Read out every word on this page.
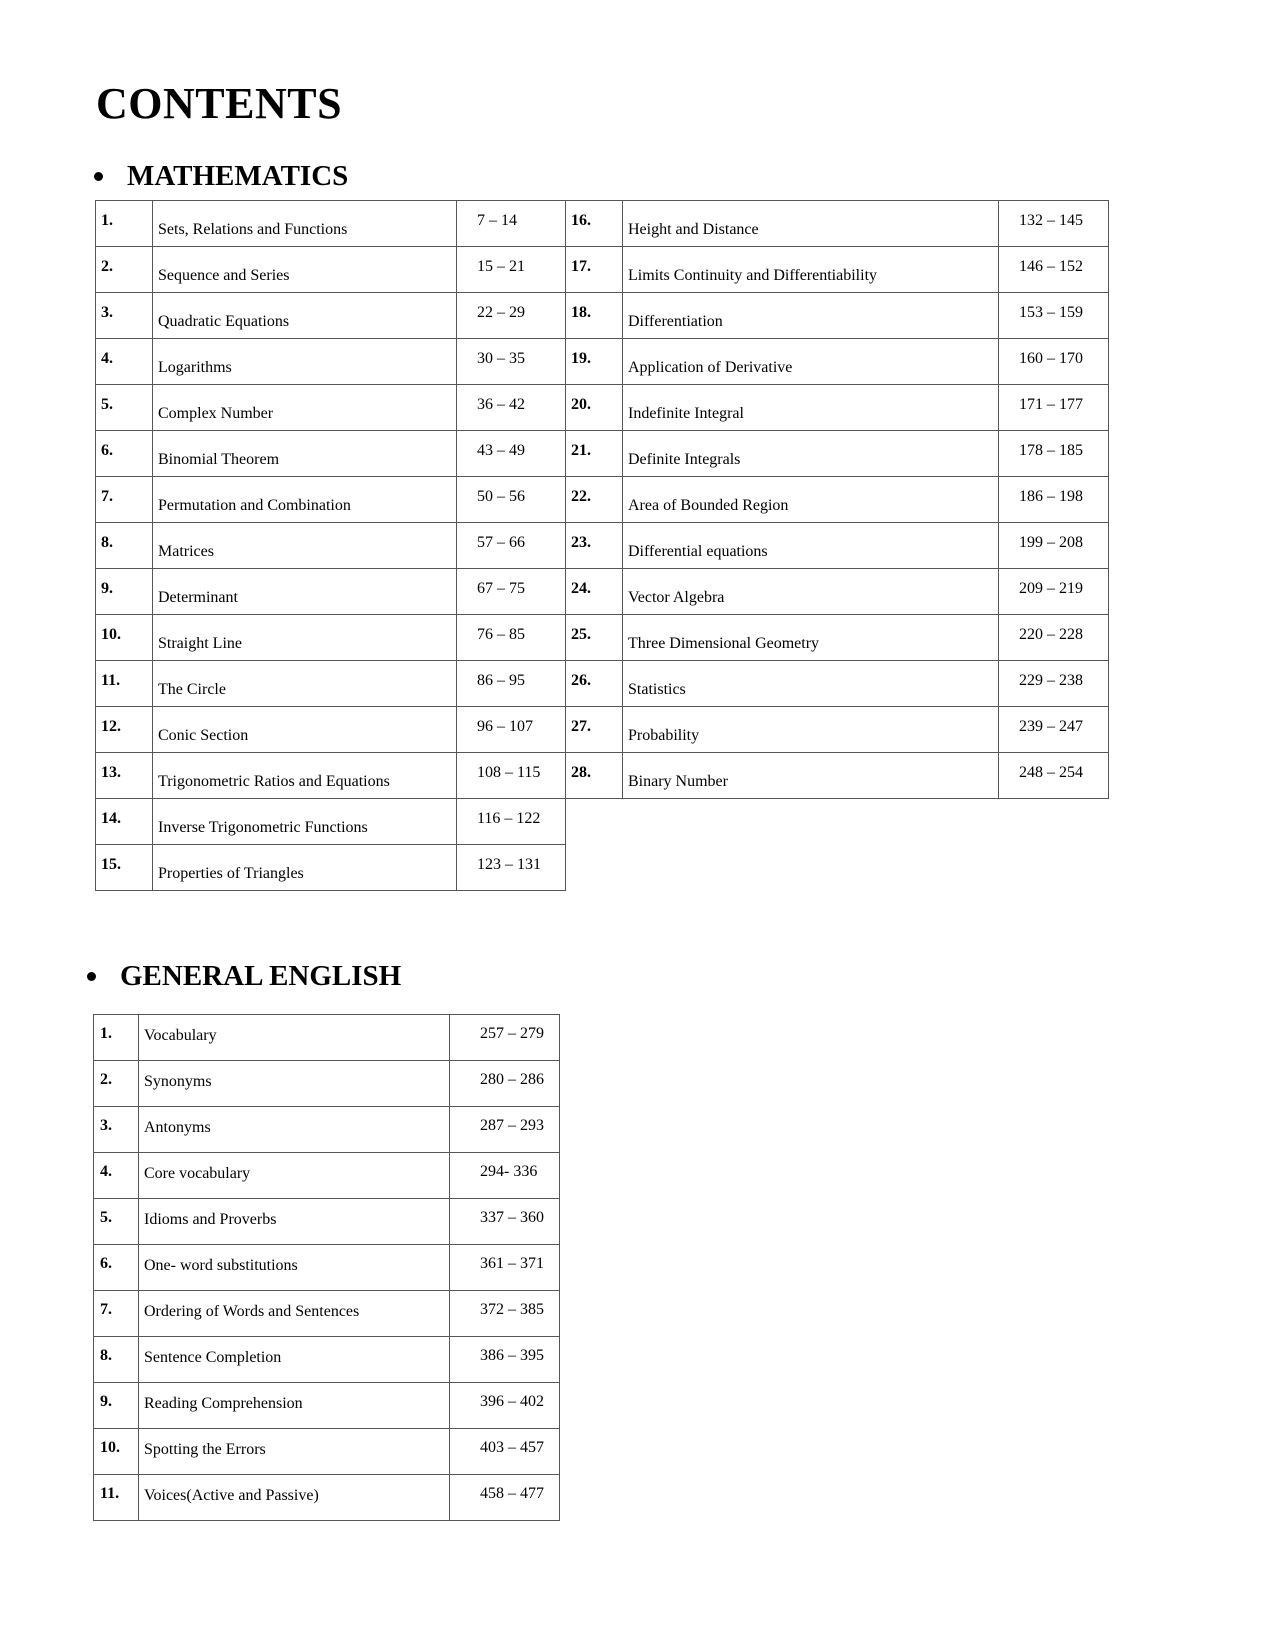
CONTENTS
MATHEMATICS
1.	Sets, Relations and Functions	7 – 14	16.	Height and Distance	132 – 145
2.	Sequence and Series	15 – 21	17.	Limits Continuity and Differentiability	146 – 152
3.	Quadratic Equations	22 – 29	18.	Differentiation	153 – 159
4.	Logarithms	30 – 35	19.	Application of Derivative	160 – 170
5.	Complex Number	36 – 42	20.	Indefinite Integral	171 – 177
6.	Binomial Theorem	43 – 49	21.	Definite Integrals	178 – 185
7.	Permutation and Combination	50 – 56	22.	Area of Bounded Region	186 – 198
8.	Matrices	57 – 66	23.	Differential equations	199 – 208
9.	Determinant	67 – 75	24.	Vector Algebra	209 – 219
10.	Straight Line	76 – 85	25.	Three Dimensional Geometry	220 – 228
11.	The Circle	86 – 95	26.	Statistics	229 – 238
12.	Conic Section	96 – 107	27.	Probability	239 – 247
13.	Trigonometric Ratios and Equations	108 – 115	28.	Binary Number	248 – 254
14.	Inverse Trigonometric Functions	116 – 122			
15.	Properties of Triangles	123 – 131			
GENERAL ENGLISH
1.	Vocabulary	257 – 279
2.	Synonyms	280 – 286
3.	Antonyms	287 – 293
4.	Core vocabulary	294- 336
5.	Idioms and Proverbs	337 – 360
6.	One- word substitutions	361 – 371
7.	Ordering of Words and Sentences	372 – 385
8.	Sentence Completion	386 – 395
9.	Reading Comprehension	396 – 402
10.	Spotting the Errors	403 – 457
11.	Voices(Active and Passive)	458 – 477
